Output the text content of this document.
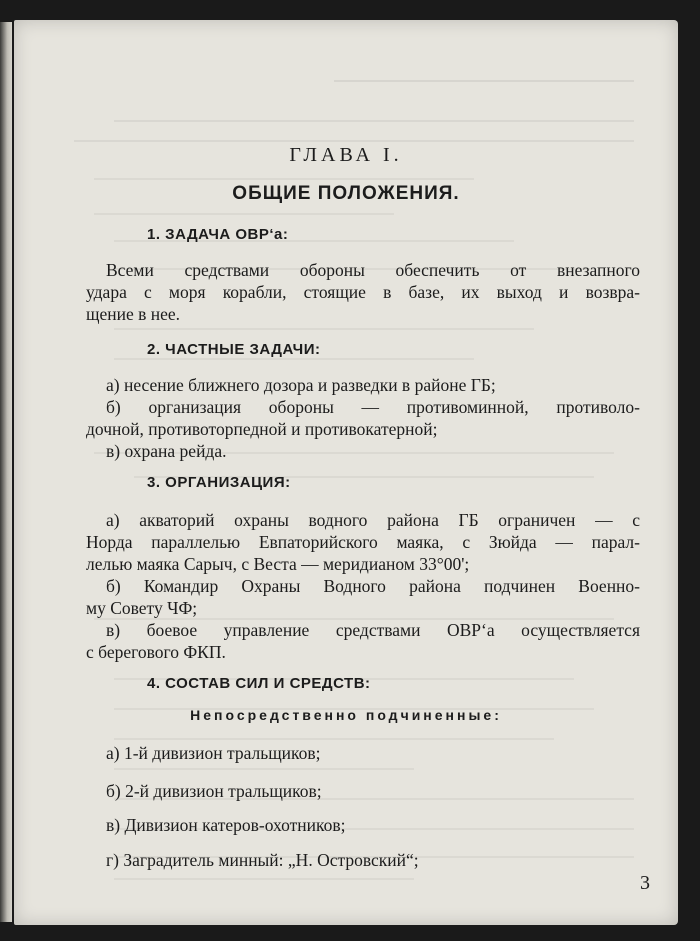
ГЛАВА I.
ОБЩИЕ ПОЛОЖЕНИЯ.
1. ЗАДАЧА ОВР‘а:
Всеми средствами обороны обеспечить от внезапного
удара с моря корабли, стоящие в базе, их выход и возвра-
щение в нее.
2. ЧАСТНЫЕ ЗАДАЧИ:
а) несение ближнего дозора и разведки в районе ГБ;
б) организация обороны — противоминной, противоло-
дочной, противоторпедной и противокатерной;
в) охрана рейда.
3. ОРГАНИЗАЦИЯ:
а) акваторий охраны водного района ГБ ограничен — с
Норда параллелью Евпаторийского маяка, с Зюйда — парал-
лелью маяка Сарыч, с Веста — меридианом 33°00';
б) Командир Охраны Водного района подчинен Военно-
му Совету ЧФ;
в) боевое управление средствами ОВР‘а осуществляется
с берегового ФКП.
4. СОСТАВ СИЛ И СРЕДСТВ:
Непосредственно подчиненные:
а) 1-й дивизион тральщиков;
б) 2-й дивизион тральщиков;
в) Дивизион катеров-охотников;
г) Заградитель минный: „Н. Островский“;
3
